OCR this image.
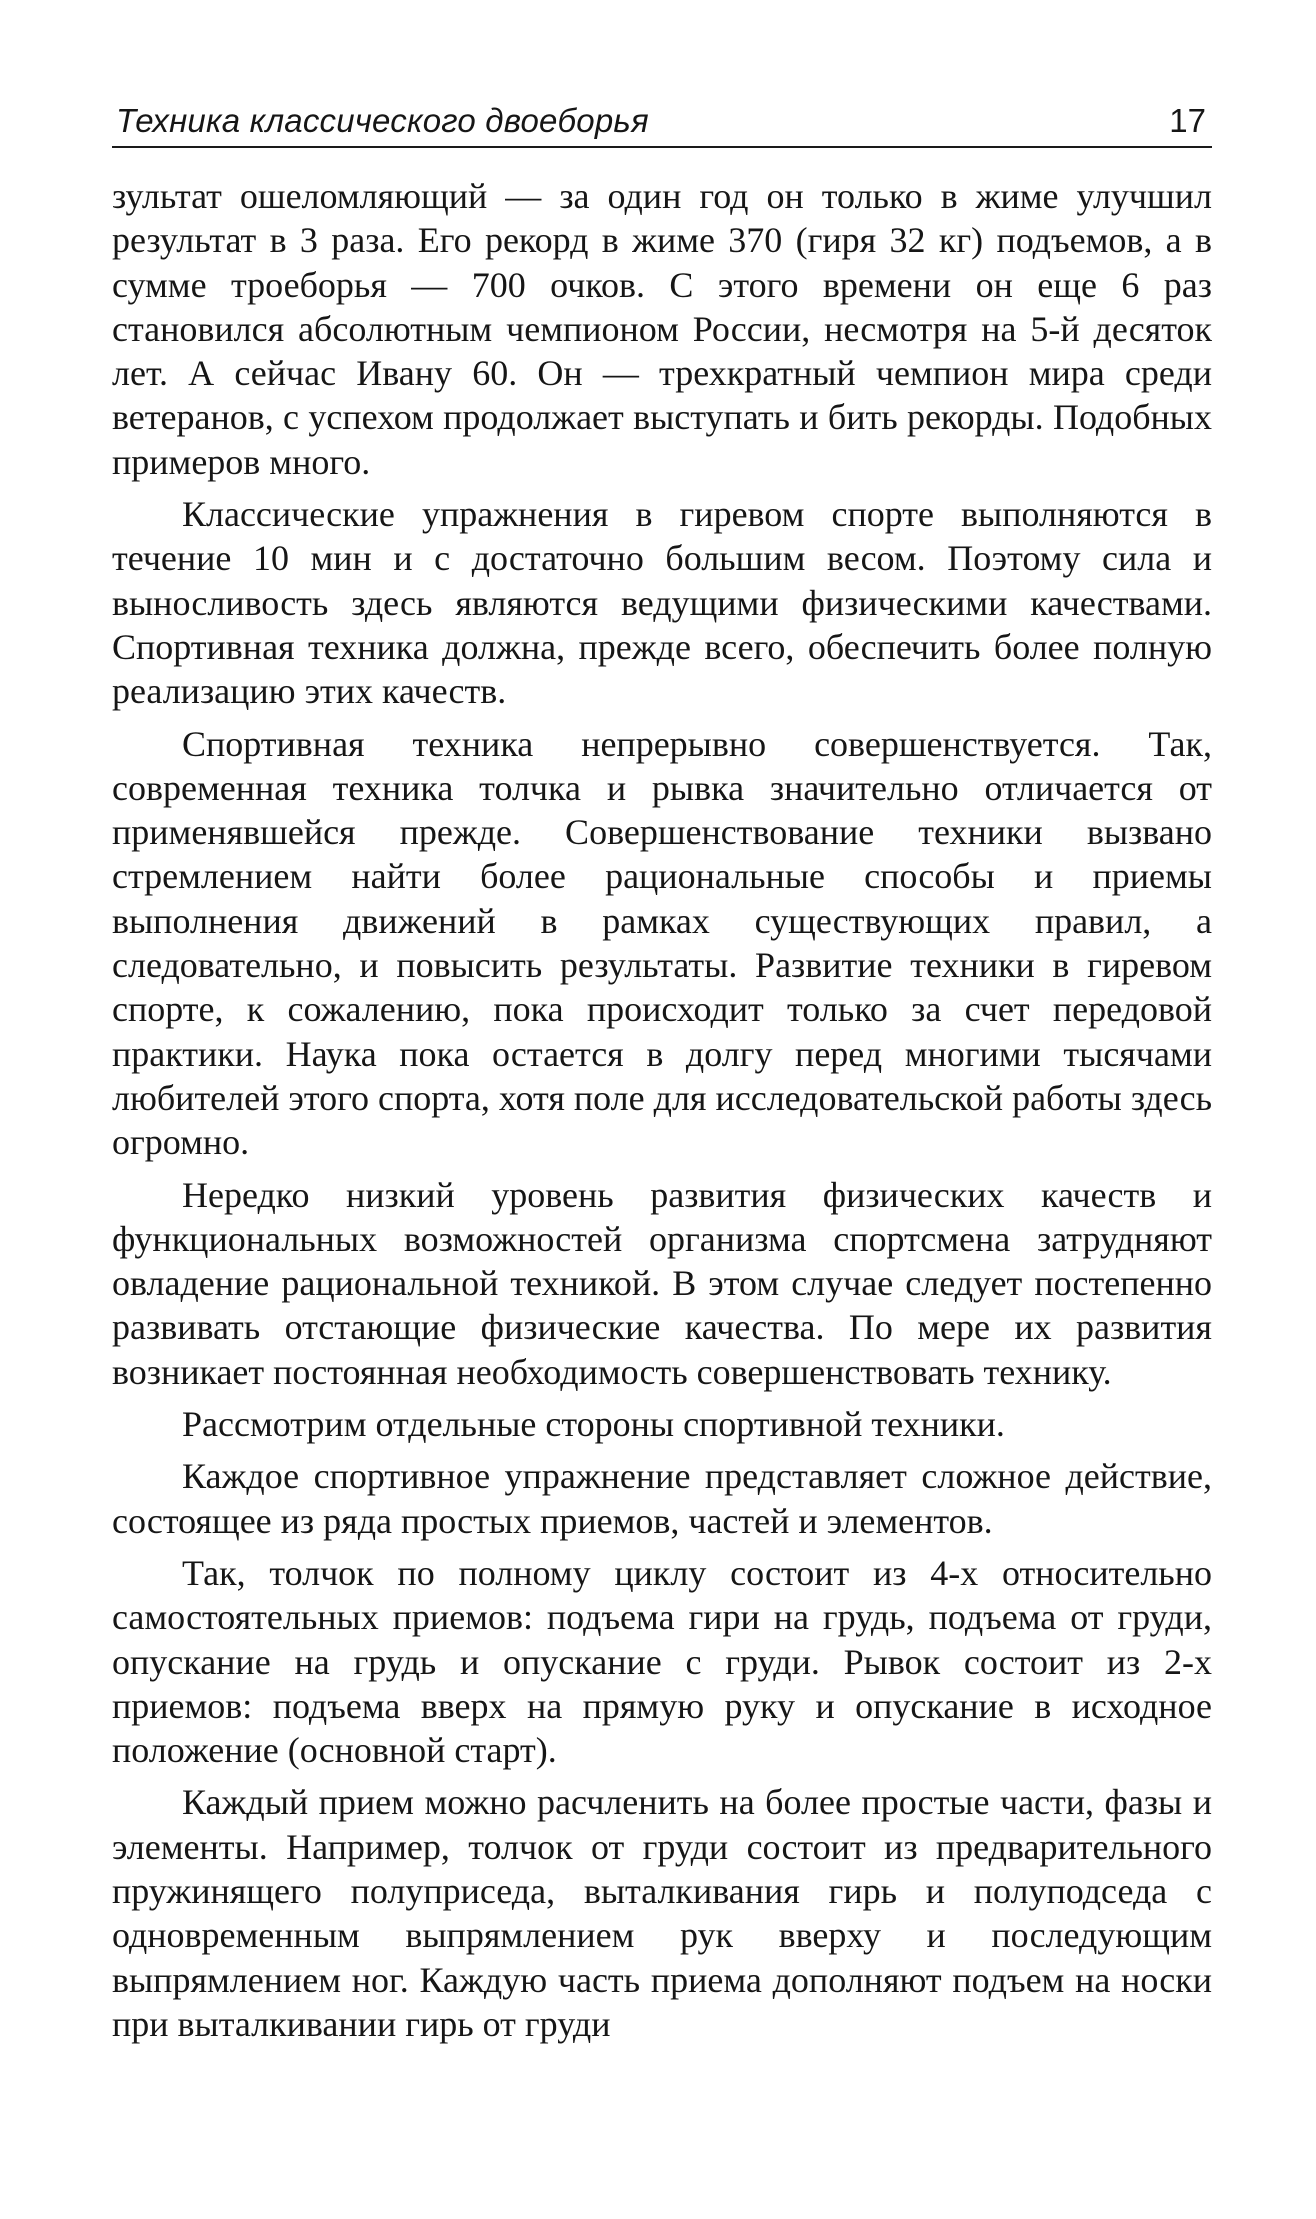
Техника классического двоеборья	17

зультат ошеломляющий — за один год он только в жиме улучшил результат в 3 раза. Его рекорд в жиме 370 (гиря 32 кг) подъемов, а в сумме троеборья — 700 очков. С этого времени он еще 6 раз становился абсолютным чемпионом России, несмотря на 5-й десяток лет. А сейчас Ивану 60. Он — трехкратный чемпион мира среди ветеранов, с успехом продолжает выступать и бить рекорды. Подобных примеров много.

Классические упражнения в гиревом спорте выполняются в течение 10 мин и с достаточно большим весом. Поэтому сила и выносливость здесь являются ведущими физическими качествами. Спортивная техника должна, прежде всего, обеспечить более полную реализацию этих качеств.

Спортивная техника непрерывно совершенствуется. Так, современная техника толчка и рывка значительно отличается от применявшейся прежде. Совершенствование техники вызвано стремлением найти более рациональные способы и приемы выполнения движений в рамках существующих правил, а следовательно, и повысить результаты. Развитие техники в гиревом спорте, к сожалению, пока происходит только за счет передовой практики. Наука пока остается в долгу перед многими тысячами любителей этого спорта, хотя поле для исследовательской работы здесь огромно.

Нередко низкий уровень развития физических качеств и функциональных возможностей организма спортсмена затрудняют овладение рациональной техникой. В этом случае следует постепенно развивать отстающие физические качества. По мере их развития возникает постоянная необходимость совершенствовать технику.

Рассмотрим отдельные стороны спортивной техники.

Каждое спортивное упражнение представляет сложное действие, состоящее из ряда простых приемов, частей и элементов.

Так, толчок по полному циклу состоит из 4-х относительно самостоятельных приемов: подъема гири на грудь, подъема от груди, опускание на грудь и опускание с груди. Рывок состоит из 2-х приемов: подъема вверх на прямую руку и опускание в исходное положение (основной старт).

Каждый прием можно расчленить на более простые части, фазы и элементы. Например, толчок от груди состоит из предварительного пружинящего полуприседа, выталкивания гирь и полуподседа с одновременным выпрямлением рук вверху и последующим выпрямлением ног. Каждую часть приема дополняют подъем на носки при выталкивании гирь от груди
